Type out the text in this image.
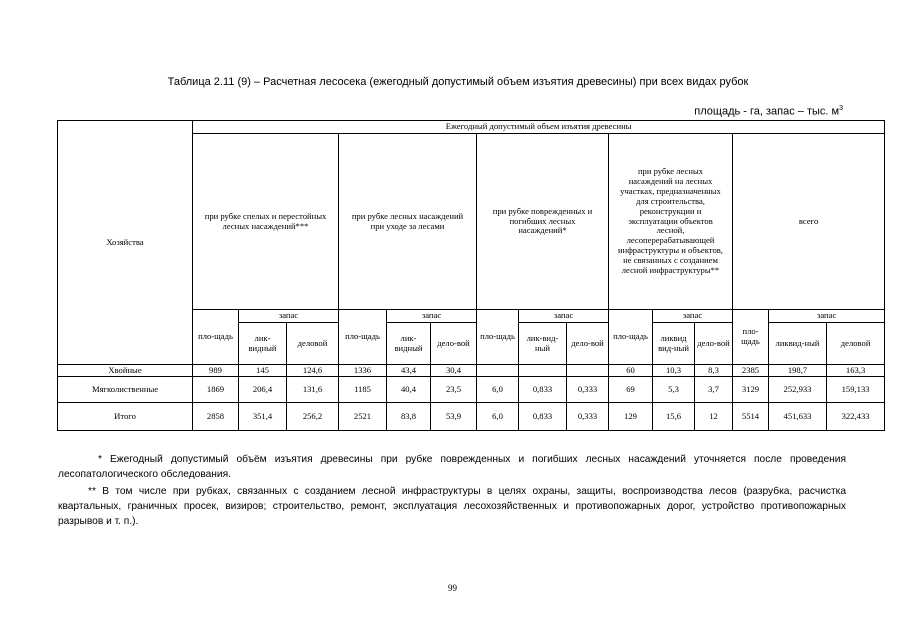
Таблица 2.11 (9) – Расчетная лесосека (ежегодный допустимый объем изъятия древесины) при всех видах рубок
площадь - га, запас – тыс. $м^3$
Хозяйства	Ежегодный допустимый объем изъятия древесины														

	при рубке спелых и перестойных лесных насаждений***			при рубке лесных насаждений при уходе за лесами			при рубке поврежденных и погибших лесных насаждений*			при рубке лесных насаждений на лесных участках, предназначенных для строительства, реконструкции и эксплуатации объектов лесной, лесоперерабатывающей инфраструктуры и объектов, не связанных с созданием лесной инфраструктуры**			всего		

	пло-щадь	запас		пло-щадь	запас		пло-щадь	запас		пло-щадь	запас		пло-щадь	запас	
		лик-видный	деловой		лик-видный	дело-вой		лик-вид-ный	дело-вой		ликвид вид-ный	дело-вой		ликвид-ный	деловой
Хвойные	989	145	124,6	1336	43,4	30,4				60	10,3	8,3	2385	198,7	163,3
Мягколиственные	1869	206,4	131,6	1185	40,4	23,5	6,0	0,833	0,333	69	5,3	3,7	3129	252,933	159,133
Итого	2858	351,4	256,2	2521	83,8	53,9	6,0	0,833	0,333	129	15,6	12	5514	451,633	322,433

* Ежегодный допустимый объём изъятия древесины при рубке поврежденных и погибших лесных насаждений уточняется после проведения лесопатологического обследования.

** В том числе при рубках, связанных с созданием лесной инфраструктуры в целях охраны, защиты, воспроизводства лесов (разрубка, расчистка квартальных, граничных просек, визиров; строительство, ремонт, эксплуатация лесохозяйственных и противопожарных дорог, устройство противопожарных разрывов и т. п.).

99
